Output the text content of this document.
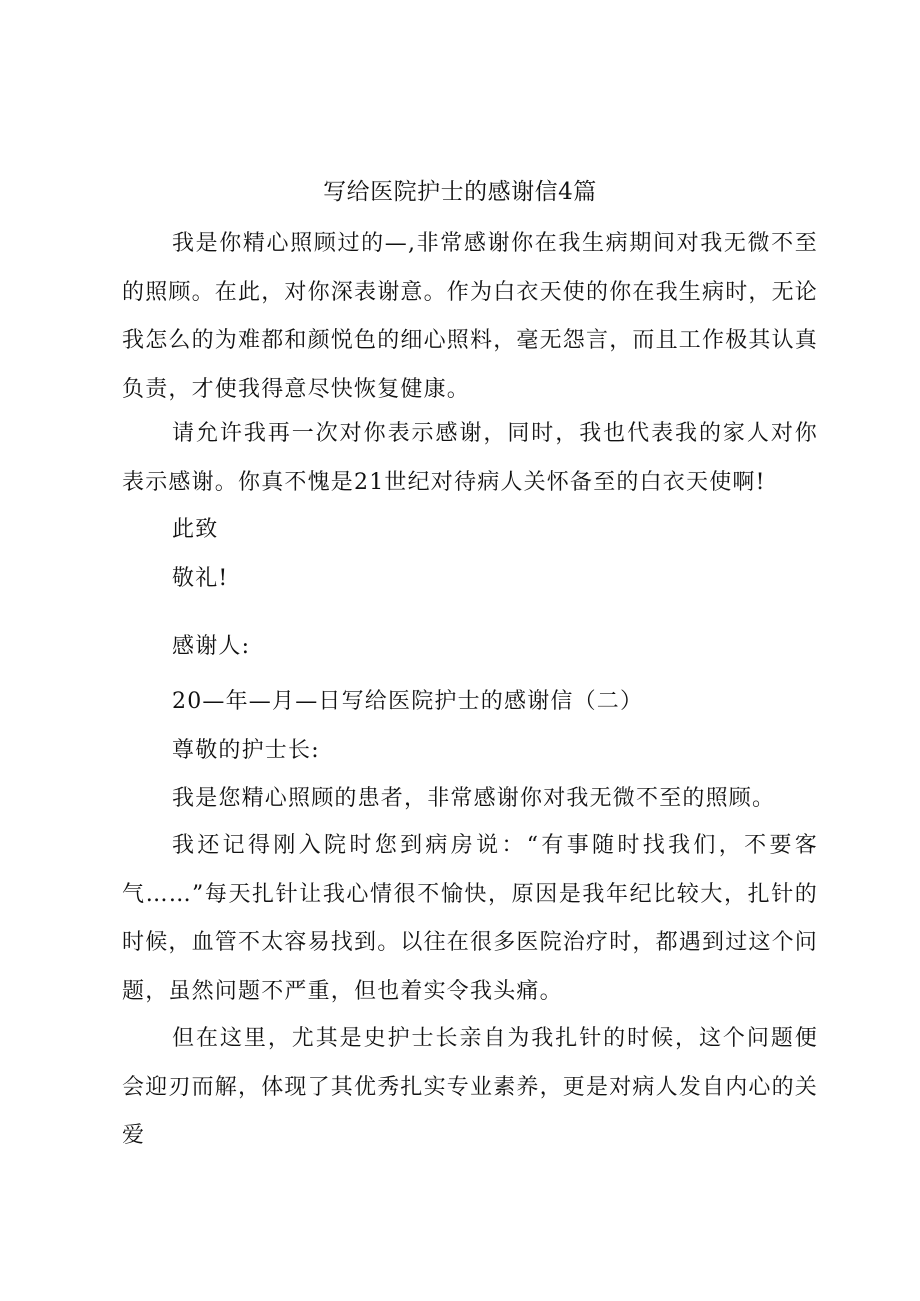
写给医院护士的感谢信4篇
我是你精心照顾过的—,非常感谢你在我生病期间对我无微不至的照顾。在此，对你深表谢意。作为白衣天使的你在我生病时，无论我怎么的为难都和颜悦色的细心照料，毫无怨言，而且工作极其认真负责，才使我得意尽快恢复健康。
请允许我再一次对你表示感谢，同时，我也代表我的家人对你表示感谢。你真不愧是21世纪对待病人关怀备至的白衣天使啊!
此致
敬礼!
感谢人:
20—年—月—日写给医院护士的感谢信（二）
尊敬的护士长:
我是您精心照顾的患者，非常感谢你对我无微不至的照顾。
我还记得刚入院时您到病房说：“有事随时找我们，不要客气……”每天扎针让我心情很不愉快，原因是我年纪比较大，扎针的时候，血管不太容易找到。以往在很多医院治疗时，都遇到过这个问题，虽然问题不严重，但也着实令我头痛。
但在这里，尤其是史护士长亲自为我扎针的时候，这个问题便会迎刃而解，体现了其优秀扎实专业素养，更是对病人发自内心的关爱
